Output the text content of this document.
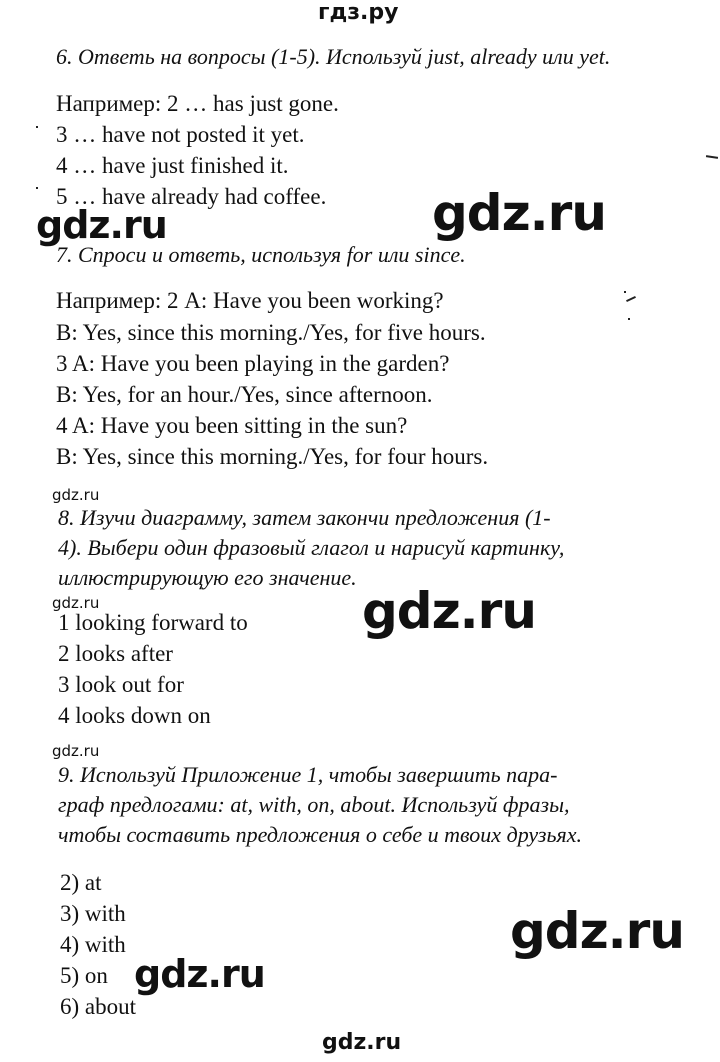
гдз.ру
6. Ответь на вопросы (1-5). Используй just, already или yet.
Например: 2 … has just gone.
3 … have not posted it yet.
4 … have just finished it.
5 … have already had coffee.
gdz.ru	gdz.ru
7. Спроси и ответь, используя for или since.
Например: 2 A: Have you been working?
B: Yes, since this morning./Yes, for five hours.
3 A: Have you been playing in the garden?
B: Yes, for an hour./Yes, since afternoon.
4 A: Have you been sitting in the sun?
B: Yes, since this morning./Yes, for four hours.
gdz.ru
8. Изучи диаграмму, затем закончи предложения (1-
4). Выбери один фразовый глагол и нарисуй картинку,
иллюстрирующую его значение.
gdz.ru	gdz.ru
1 looking forward to
2 looks after
3 look out for
4 looks down on
gdz.ru
9. Используй Приложение 1, чтобы завершить пара-
граф предлогами: at, with, on, about. Используй фразы,
чтобы составить предложения о себе и твоих друзьях.
2) at
3) with
4) with
5) on
6) about
gdz.ru
gdz.ru
gdz.ru
